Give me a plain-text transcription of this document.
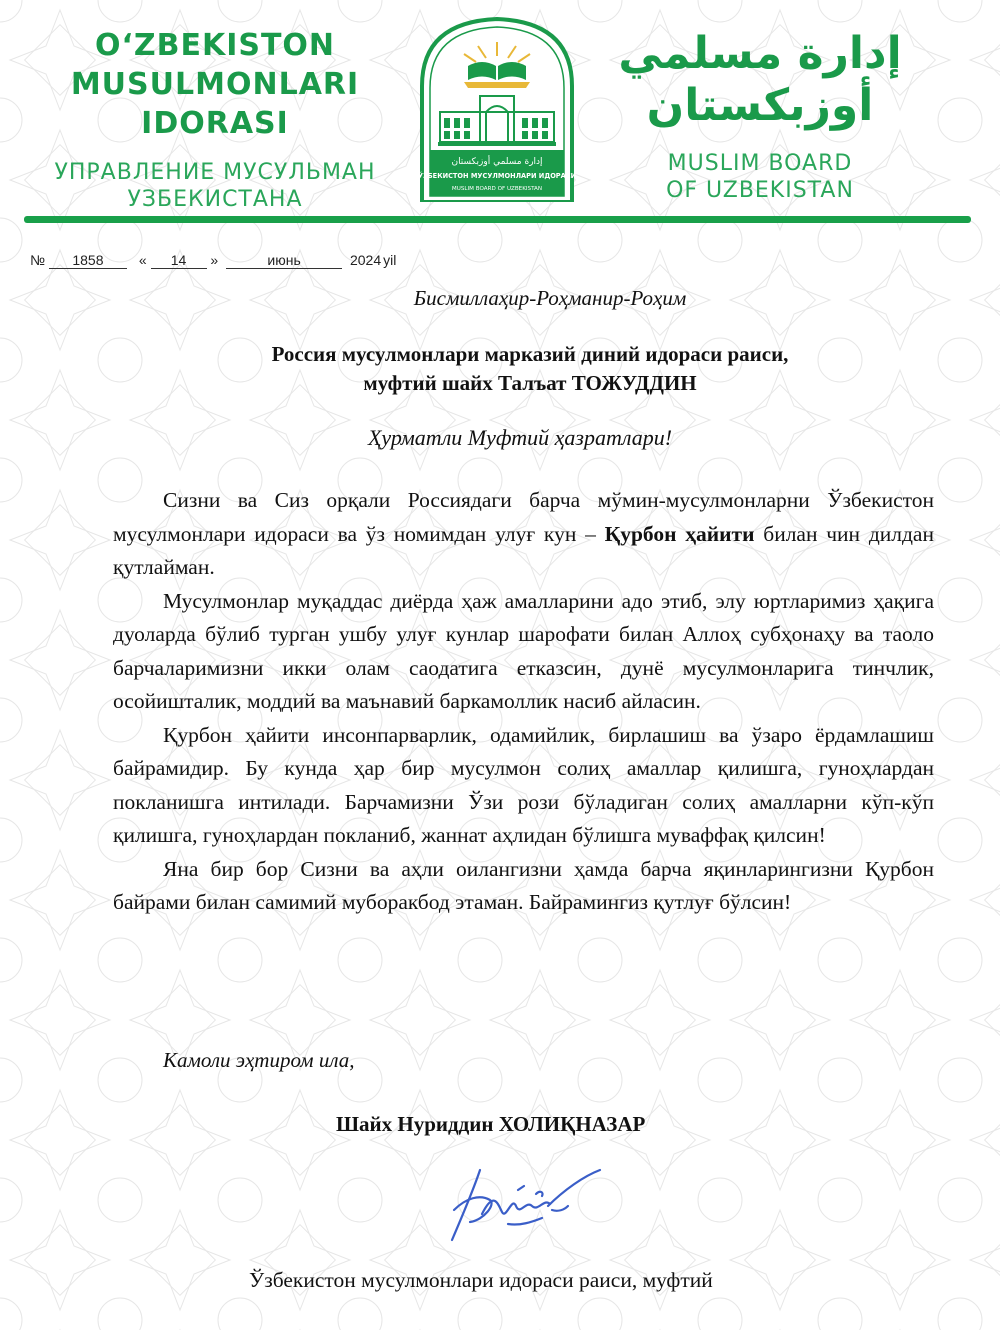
O‘ZBEKISTON
MUSULMONLARI
IDORASI
УПРАВЛЕНИЕ МУСУЛЬМАН
УЗБЕКИСТАНА
إدارة مسلمي أوزبكستان
ЎЗБЕКИСТОН МУСУЛМОНЛАРИ ИДОРАСИ
MUSLIM BOARD OF UZBEKISTAN
إدارة مسلمي
أوزبكستان
MUSLIM BOARD
OF UZBEKISTAN
№ 1858	« 14 »	июнь	2024 yil
Бисмиллаҳир-Роҳманир-Роҳим
Россия мусулмонлари марказий диний идораси раиси,
муфтий шайх Талъат ТОЖУДДИН
Ҳурматли Муфтий ҳазратлари!

Сизни ва Сиз орқали Россиядаги барча мўмин-мусулмонларни Ўзбекистон мусулмонлари идораси ва ўз номимдан улуғ кун – Қурбон ҳайити билан чин дилдан қутлайман.

Мусулмонлар муқаддас диёрда ҳаж амалларини адо этиб, элу юртларимиз ҳақига дуоларда бўлиб турган ушбу улуғ кунлар шарофати билан Аллоҳ субҳонаҳу ва таоло барчаларимизни икки олам саодатига етказсин, дунё мусулмонларига тинчлик, осойишталик, моддий ва маънавий баркамоллик насиб айласин.

Қурбон ҳайити инсонпарварлик, одамийлик, бирлашиш ва ўзаро ёрдамлашиш байрамидир. Бу кунда ҳар бир мусулмон солиҳ амаллар қилишга, гуноҳлардан покланишга интилади. Барчамизни Ўзи рози бўладиган солиҳ амалларни кўп-кўп қилишга, гуноҳлардан покланиб, жаннат аҳлидан бўлишга муваффақ қилсин!

Яна бир бор Сизни ва аҳли оилангизни ҳамда барча яқинларингизни Қурбон байрами билан самимий муборакбод этаман. Байрамингиз қутлуғ бўлсин!

Камоли эҳтиром ила,
Шайх Нуриддин ХОЛИҚНАЗАР
Ўзбекистон мусулмонлари идораси раиси, муфтий
